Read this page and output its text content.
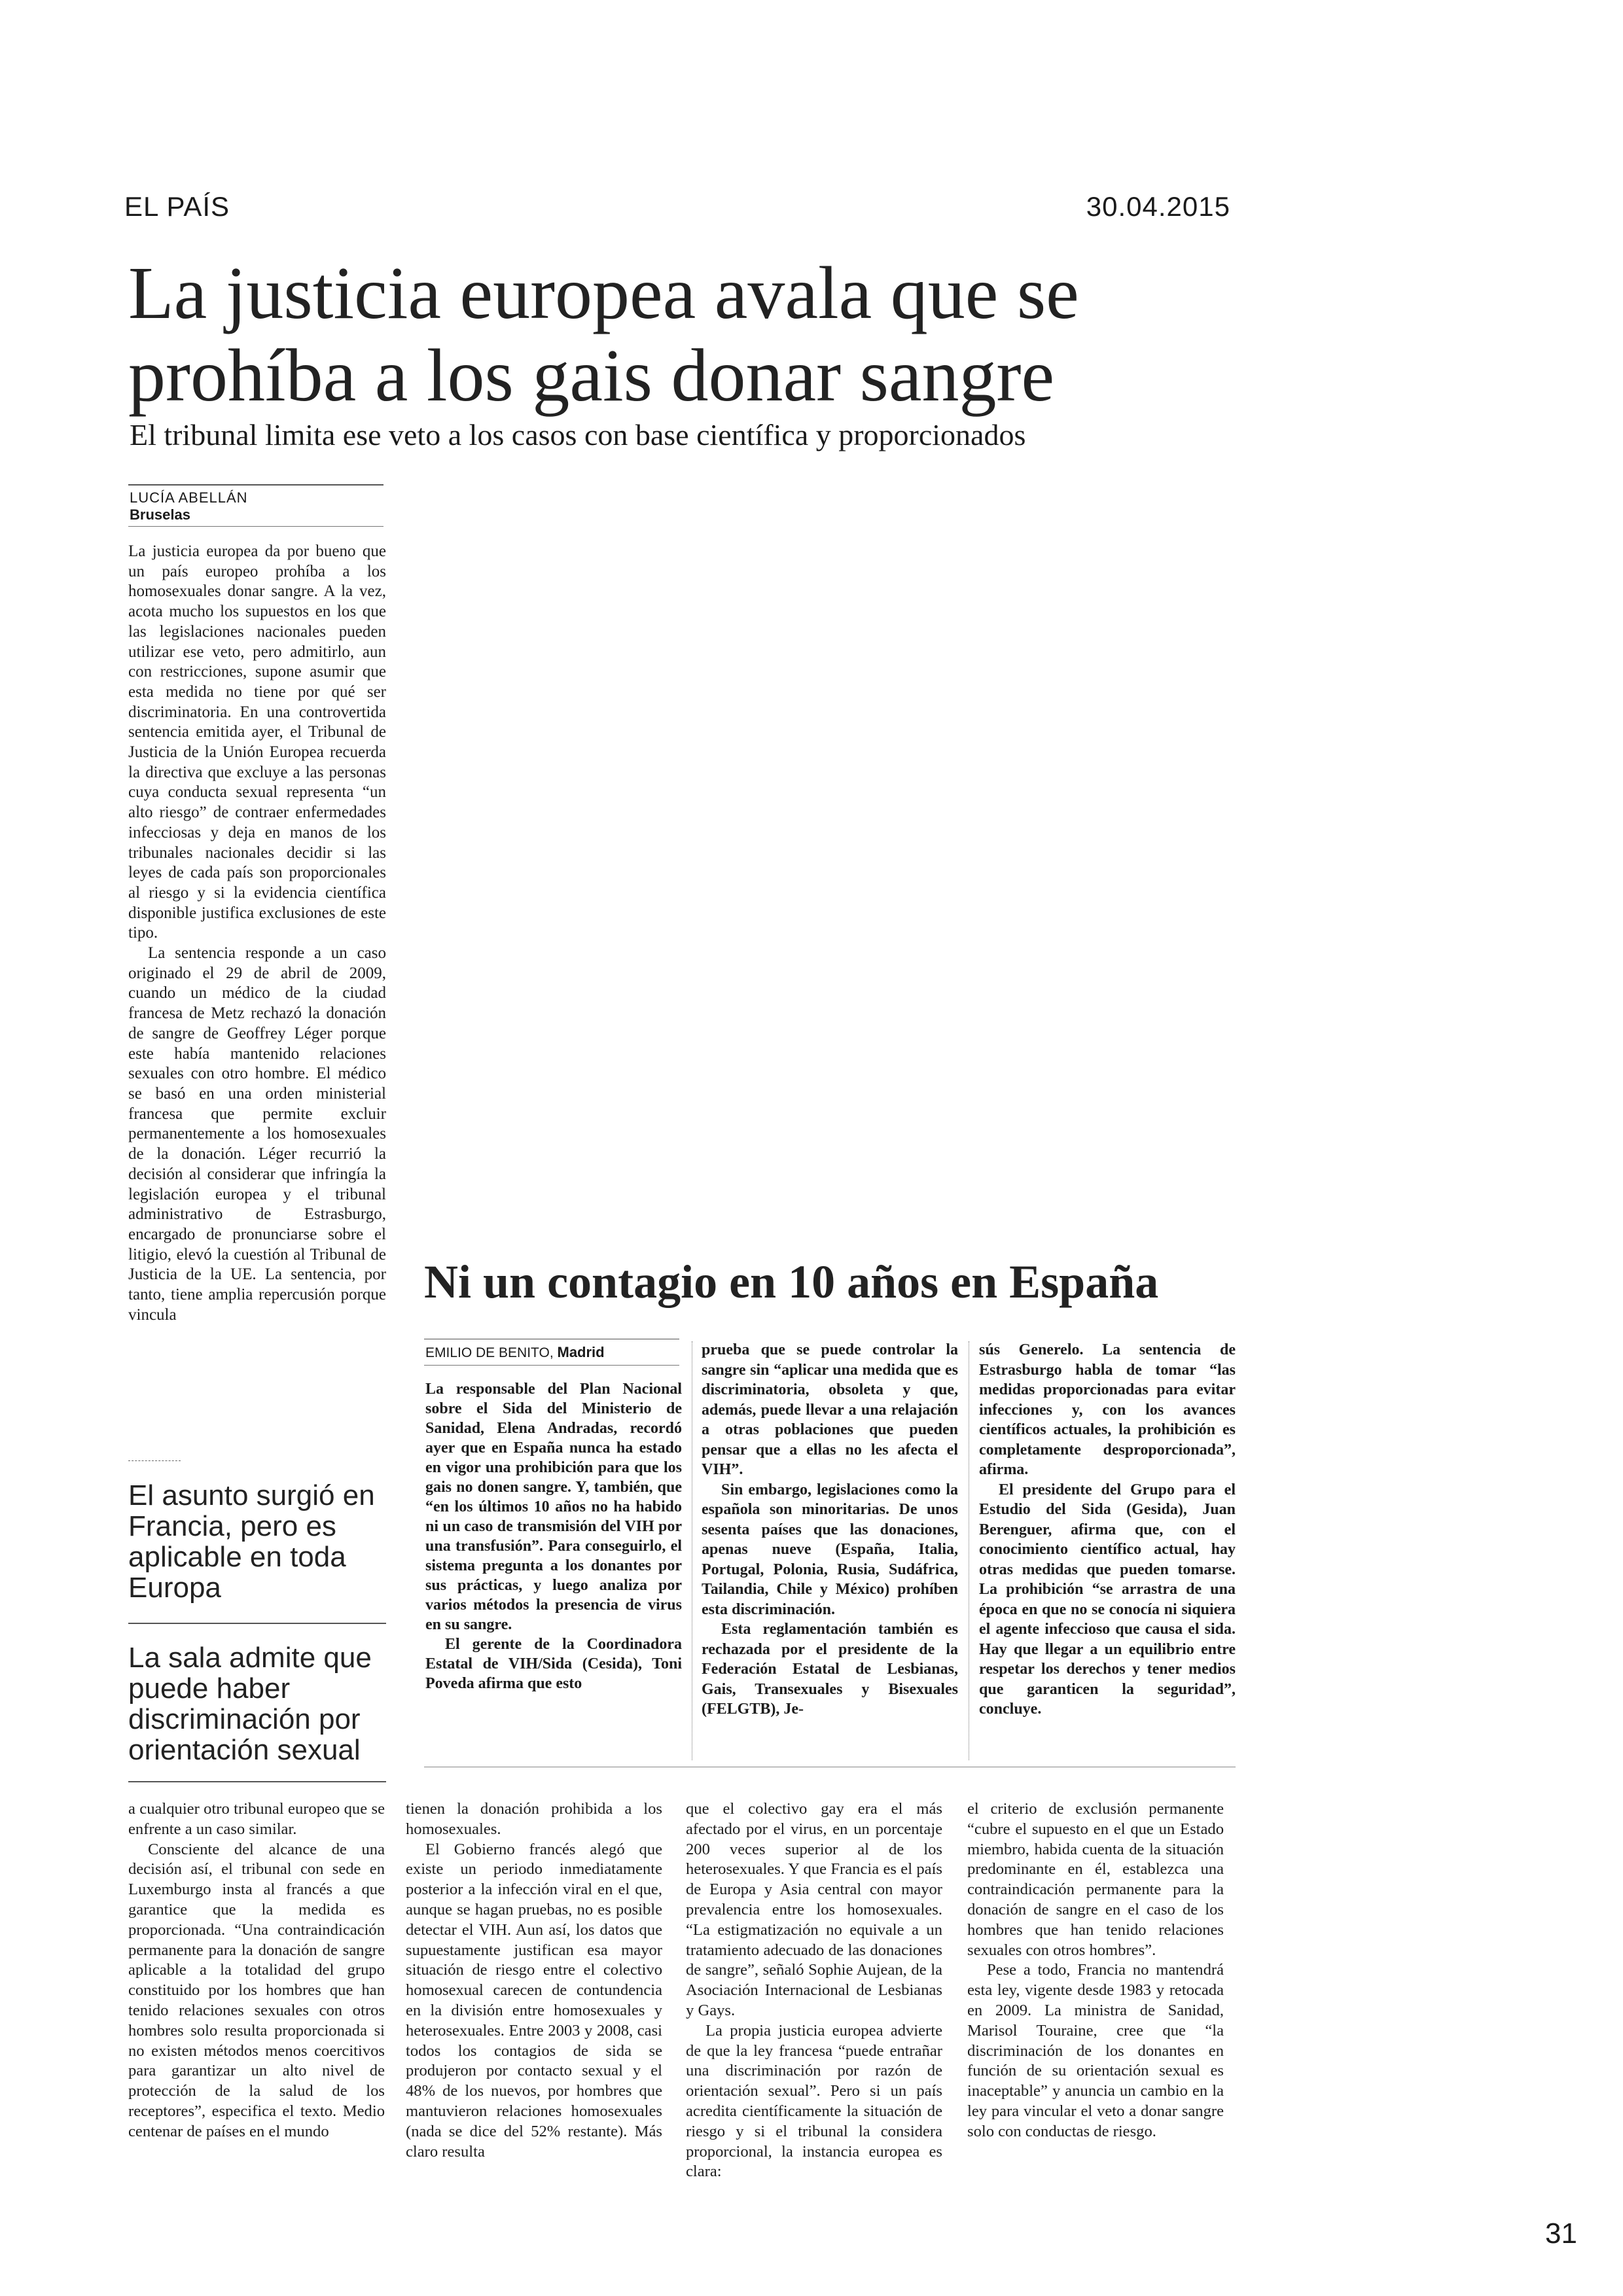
EL PAÍS	30.04.2015
La justicia europea avala que se prohíba a los gais donar sangre
El tribunal limita ese veto a los casos con base científica y proporcionados
LUCÍA ABELLÁN
Bruselas

La justicia europea da por bueno que un país europeo prohíba a los homosexuales donar sangre. A la vez, acota mucho los supuestos en los que las legislaciones nacionales pueden utilizar ese veto, pero admitirlo, aun con restricciones, supone asumir que esta medida no tiene por qué ser discriminatoria. En una controvertida sentencia emitida ayer, el Tribunal de Justicia de la Unión Europea recuerda la directiva que excluye a las personas cuya conducta sexual representa “un alto riesgo” de contraer enfermedades infecciosas y deja en manos de los tribunales nacionales decidir si las leyes de cada país son proporcionales al riesgo y si la evidencia científica disponible justifica exclusiones de este tipo.

La sentencia responde a un caso originado el 29 de abril de 2009, cuando un médico de la ciudad francesa de Metz rechazó la donación de sangre de Geoffrey Léger porque este había mantenido relaciones sexuales con otro hombre. El médico se basó en una orden ministerial francesa que permite excluir permanentemente a los homosexuales de la donación. Léger recurrió la decisión al considerar que infringía la legislación europea y el tribunal administrativo de Estrasburgo, encargado de pronunciarse sobre el litigio, elevó la cuestión al Tribunal de Justicia de la UE. La sentencia, por tanto, tiene amplia repercusión porque vincula

El asunto surgió en Francia, pero es aplicable en toda Europa
La sala admite que puede haber discriminación por orientación sexual
Ni un contagio en 10 años en España
EMILIO DE BENITO, Madrid

La responsable del Plan Nacional sobre el Sida del Ministerio de Sanidad, Elena Andradas, recordó ayer que en España nunca ha estado en vigor una prohibición para que los gais no donen sangre. Y, también, que “en los últimos 10 años no ha habido ni un caso de transmisión del VIH por una transfusión”. Para conseguirlo, el sistema pregunta a los donantes por sus prácticas, y luego analiza por varios métodos la presencia de virus en su sangre.

El gerente de la Coordinadora Estatal de VIH/Sida (Cesida), Toni Poveda afirma que esto

prueba que se puede controlar la sangre sin “aplicar una medida que es discriminatoria, obsoleta y que, además, puede llevar a una relajación a otras poblaciones que pueden pensar que a ellas no les afecta el VIH”.

Sin embargo, legislaciones como la española son minoritarias. De unos sesenta países que las donaciones, apenas nueve (España, Italia, Portugal, Polonia, Rusia, Sudáfrica, Tailandia, Chile y México) prohíben esta discriminación.

Esta reglamentación también es rechazada por el presidente de la Federación Estatal de Lesbianas, Gais, Transexuales y Bisexuales (FELGTB), Je-

sús Generelo. La sentencia de Estrasburgo habla de tomar “las medidas proporcionadas para evitar infecciones y, con los avances científicos actuales, la prohibición es completamente desproporcionada”, afirma.

El presidente del Grupo para el Estudio del Sida (Gesida), Juan Berenguer, afirma que, con el conocimiento científico actual, hay otras medidas que pueden tomarse. La prohibición “se arrastra de una época en que no se conocía ni siquiera el agente infeccioso que causa el sida. Hay que llegar a un equilibrio entre respetar los derechos y tener medios que garanticen la seguridad”, concluye.

a cualquier otro tribunal europeo que se enfrente a un caso similar.

Consciente del alcance de una decisión así, el tribunal con sede en Luxemburgo insta al francés a que garantice que la medida es proporcionada. “Una contraindicación permanente para la donación de sangre aplicable a la totalidad del grupo constituido por los hombres que han tenido relaciones sexuales con otros hombres solo resulta proporcionada si no existen métodos menos coercitivos para garantizar un alto nivel de protección de la salud de los receptores”, especifica el texto. Medio centenar de países en el mundo

tienen la donación prohibida a los homosexuales.

El Gobierno francés alegó que existe un periodo inmediatamente posterior a la infección viral en el que, aunque se hagan pruebas, no es posible detectar el VIH. Aun así, los datos que supuestamente justifican esa mayor situación de riesgo entre el colectivo homosexual carecen de contundencia en la división entre homosexuales y heterosexuales. Entre 2003 y 2008, casi todos los contagios de sida se produjeron por contacto sexual y el 48% de los nuevos, por hombres que mantuvieron relaciones homosexuales (nada se dice del 52% restante). Más claro resulta

que el colectivo gay era el más afectado por el virus, en un porcentaje 200 veces superior al de los heterosexuales. Y que Francia es el país de Europa y Asia central con mayor prevalencia entre los homosexuales. “La estigmatización no equivale a un tratamiento adecuado de las donaciones de sangre”, señaló Sophie Aujean, de la Asociación Internacional de Lesbianas y Gays.

La propia justicia europea advierte de que la ley francesa “puede entrañar una discriminación por razón de orientación sexual”. Pero si un país acredita científicamente la situación de riesgo y si el tribunal la considera proporcional, la instancia europea es clara:

el criterio de exclusión permanente “cubre el supuesto en el que un Estado miembro, habida cuenta de la situación predominante en él, establezca una contraindicación permanente para la donación de sangre en el caso de los hombres que han tenido relaciones sexuales con otros hombres”.

Pese a todo, Francia no mantendrá esta ley, vigente desde 1983 y retocada en 2009. La ministra de Sanidad, Marisol Touraine, cree que “la discriminación de los donantes en función de su orientación sexual es inaceptable” y anuncia un cambio en la ley para vincular el veto a donar sangre solo con conductas de riesgo.

31
